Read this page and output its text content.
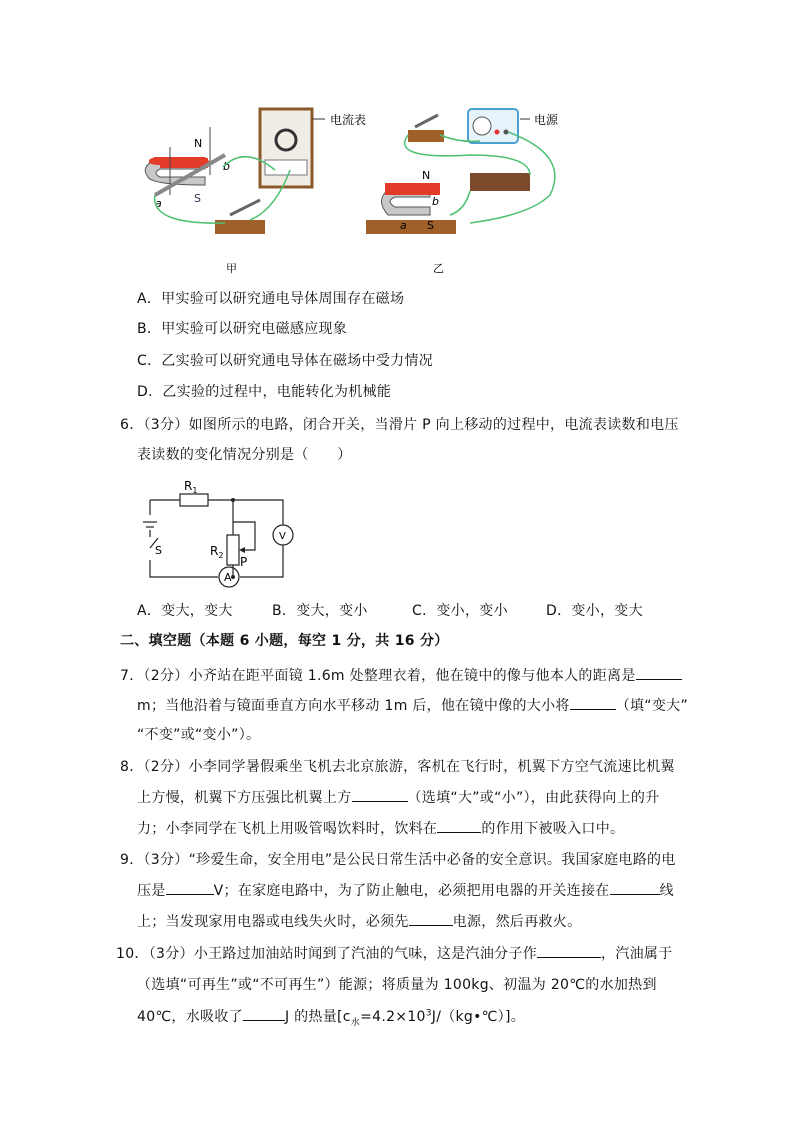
N
S
a
b
电流表
甲
电源
N
S
a
b
乙
A．甲实验可以研究通电导体周围存在磁场
B．甲实验可以研究电磁感应现象
C．乙实验可以研究通电导体在磁场中受力情况
D．乙实验的过程中，电能转化为机械能
6．（3分）如图所示的电路，闭合开关，当滑片 P 向上移动的过程中，电流表读数和电压
表读数的变化情况分别是（　　）
$R_1$
$R_2$ P
S
A
V
A．变大，变大	B．变大，变小	C．变小，变小	D．变小，变大
二、填空题（本题 6 小题，每空 1 分，共 16 分）
7．（2分）小齐站在距平面镜 1.6m 处整理衣着，他在镜中的像与他本人的距离是
m；当他沿着与镜面垂直方向水平移动 1m 后，他在镜中像的大小将	（填“变大”
“不变”或“变小”）。
8．（2分）小李同学暑假乘坐飞机去北京旅游，客机在飞行时，机翼下方空气流速比机翼
上方慢，机翼下方压强比机翼上方	（选填“大”或“小”），由此获得向上的升
力；小李同学在飞机上用吸管喝饮料时，饮料在	的作用下被吸入口中。
9．（3分）“珍爱生命，安全用电”是公民日常生活中必备的安全意识。我国家庭电路的电
压是	V；在家庭电路中，为了防止触电，必须把用电器的开关连接在	线
上；当发现家用电器或电线失火时，必须先	电源，然后再救火。
10．（3分）小王路过加油站时闻到了汽油的气味，这是汽油分子作	，汽油属于
（选填“可再生”或“不可再生”）能源；将质量为 100kg、初温为 20℃的水加热到
40℃，水吸收了	J 的热量$[c_水=4.2\times 10^3J/(kg•℃)]$。
